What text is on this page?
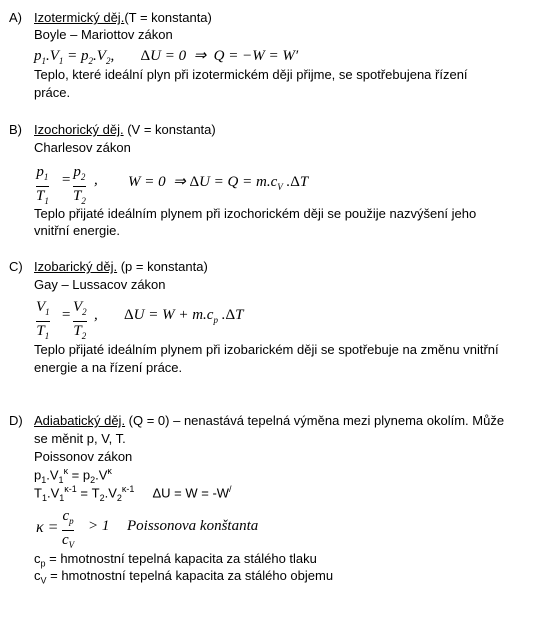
A) Izotermický děj.(T = konstanta)
Boyle – Mariottov zákon
$p_1.V_1 = p_2.V_2$,       ΔU = 0  ⇒  Q = −W = W′
Teplo, které ideální plyn při izotermickém ději přijme, se spotřebujena řízení
práce.
B) Izochorický děj. (V = konstanta)
Charlesov zákon
$\frac{p_1}{T_1} = \frac{p_2}{T_2}$ , W = 0  ⇒ $\Delta U = Q = m.c_V$ .ΔT
Teplo přijaté ideálním plynem při izochorickém ději se použije nazvýšení jeho
vnitřní energie.
C) Izobarický děj. (p = konstanta)
Gay – Lussacov zákon
$\frac{V_1}{T_1} = \frac{V_2}{T_2}$ , $\Delta U = W + m.c_p$ .ΔT
Teplo přijaté ideálním plynem při izobarickém ději se spotřebuje na změnu vnitřní
energie a na řízení práce.
D) Adiabatický děj. (Q = 0) – nenastává tepelná výměna mezi plynema okolím. Může
se měnit p, V, T.
Poissonov zákon
$p_1.V_1^\kappa = p_2.V^\kappa$
$T_1.V_1^{\kappa-1} = T_2.V_2^{\kappa-1}$     ΔU = W = -W/
$\kappa = \frac{c_p}{c_V} > 1$ Poissonova konštanta
$c_p$ = hmotnostní tepelná kapacita za stálého tlaku
$c_V$ = hmotnostní tepelná kapacita za stálého objemu
